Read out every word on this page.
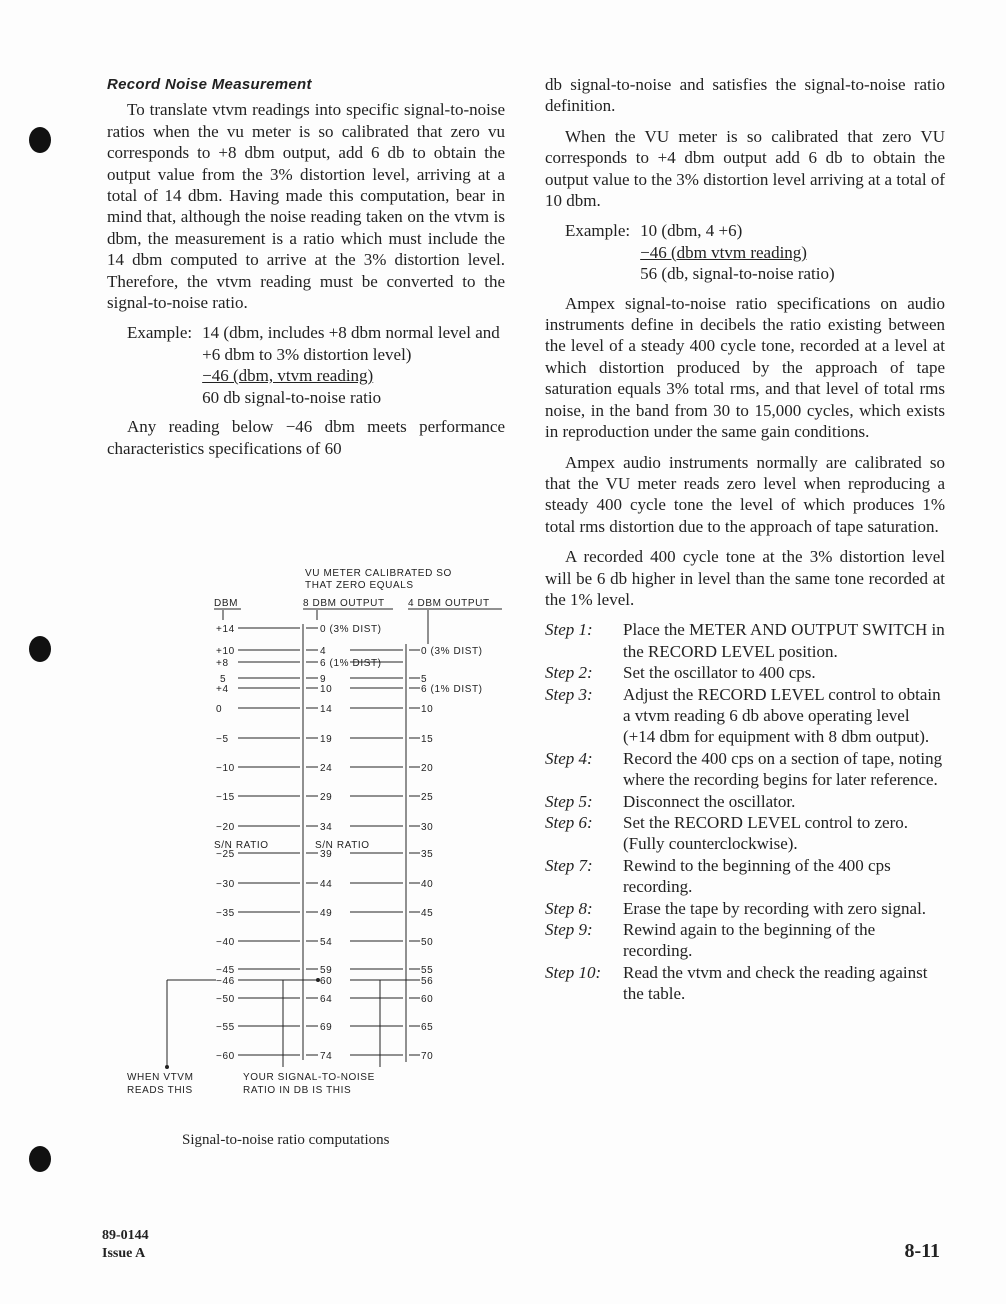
Record Noise Measurement

To translate vtvm readings into specific signal-to-noise ratios when the vu meter is so calibrated that zero vu corresponds to +8 dbm output, add 6 db to obtain the output value from the 3% distortion level, arriving at a total of 14 dbm. Having made this computation, bear in mind that, although the noise reading taken on the vtvm is dbm, the measurement is a ratio which must include the 14 dbm computed to arrive at the 3% distortion level. Therefore, the vtvm reading must be converted to the signal-to-noise ratio.

Example: 14 (dbm, includes +8 dbm normal level and +6 dbm to 3% distortion level)
−46 (dbm, vtvm reading)
60 db signal-to-noise ratio

Any reading below −46 dbm meets performance characteristics specifications of 60

VU METER CALIBRATED SO
THAT ZERO EQUALS
DBM	8 DBM OUTPUT 4 DBM OUTPUT
+14	0 (3% DIST)
+10	4	0 (3% DIST)
+8	6 (1% DIST)
5	9	5
+4	10	6 (1% DIST)
0	14	10
−5	19	15
−10	24	20
−15	29	25
−20	34	30
−25	39	35
−30	44	40
−35	49	45
−40	54	50
−45	59	55
−46	60	56
−50	64	60
−55	69	65
−60	74	70
S/N RATIO	S/N RATIO
WHEN VTVM
READS THIS
YOUR SIGNAL-TO-NOISE
RATIO IN DB IS THIS
Signal-to-noise ratio computations

db signal-to-noise and satisfies the signal-to-noise ratio definition.

When the VU meter is so calibrated that zero VU corresponds to +4 dbm output add 6 db to obtain the output value to the 3% distortion level arriving at a total of 10 dbm.

Example: 10 (dbm, 4 +6)
−46 (dbm vtvm reading)
56 (db, signal-to-noise ratio)

Ampex signal-to-noise ratio specifications on audio instruments define in decibels the ratio existing between the level of a steady 400 cycle tone, recorded at a level at which distortion produced by the approach of tape saturation equals 3% total rms, and that level of total rms noise, in the band from 30 to 15,000 cycles, which exists in reproduction under the same gain conditions.

Ampex audio instruments normally are calibrated so that the VU meter reads zero level when reproducing a steady 400 cycle tone the level of which produces 1% total rms distortion due to the approach of tape saturation.

A recorded 400 cycle tone at the 3% distortion level will be 6 db higher in level than the same tone recorded at the 1% level.

Step 1:	Place the METER AND OUTPUT SWITCH in the RECORD LEVEL position.
Step 2:	Set the oscillator to 400 cps.
Step 3:	Adjust the RECORD LEVEL control to obtain a vtvm reading 6 db above operating level (+14 dbm for equipment with 8 dbm output).
Step 4:	Record the 400 cps on a section of tape, noting where the recording begins for later reference.
Step 5:	Disconnect the oscillator.
Step 6:	Set the RECORD LEVEL control to zero. (Fully counterclockwise).
Step 7:	Rewind to the beginning of the 400 cps recording.
Step 8:	Erase the tape by recording with zero signal.
Step 9:	Rewind again to the beginning of the recording.
Step 10:	Read the vtvm and check the reading against the table.
89-0144
Issue A	8-11
